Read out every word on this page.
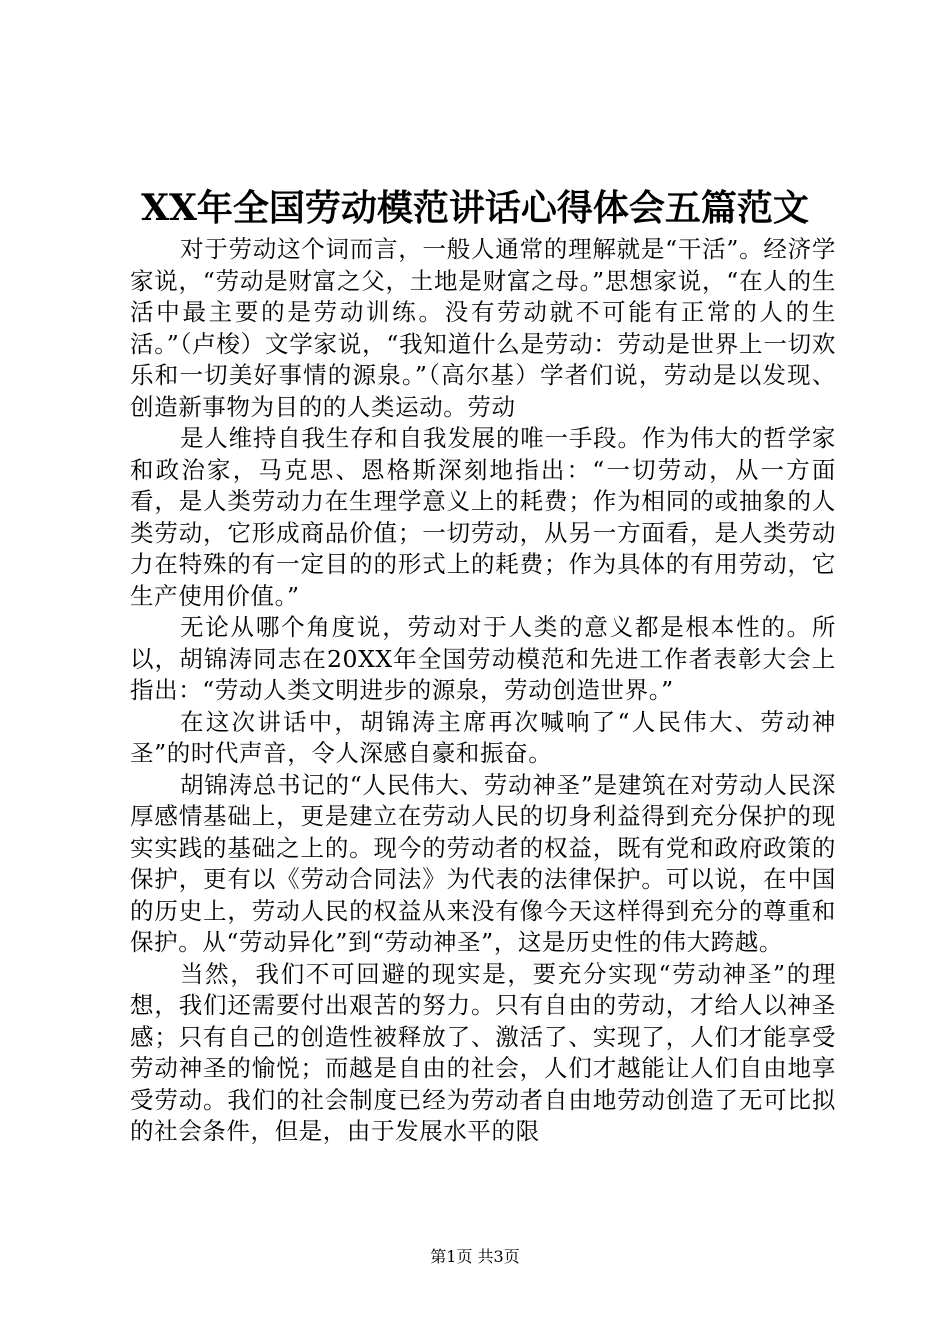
XX年全国劳动模范讲话心得体会五篇范文

对于劳动这个词而言，一般人通常的理解就是“干活”。经济学家说，“劳动是财富之父，土地是财富之母。”思想家说，“在人的生活中最主要的是劳动训练。没有劳动就不可能有正常的人的生活。”（卢梭）文学家说，“我知道什么是劳动：劳动是世界上一切欢乐和一切美好事情的源泉。”（高尔基）学者们说，劳动是以发现、创造新事物为目的的人类运动。劳动

是人维持自我生存和自我发展的唯一手段。作为伟大的哲学家和政治家，马克思、恩格斯深刻地指出：“一切劳动，从一方面看，是人类劳动力在生理学意义上的耗费；作为相同的或抽象的人类劳动，它形成商品价值；一切劳动，从另一方面看，是人类劳动力在特殊的有一定目的的形式上的耗费；作为具体的有用劳动，它生产使用价值。”

无论从哪个角度说，劳动对于人类的意义都是根本性的。所以，胡锦涛同志在20XX年全国劳动模范和先进工作者表彰大会上指出：“劳动人类文明进步的源泉，劳动创造世界。”

在这次讲话中，胡锦涛主席再次喊响了“人民伟大、劳动神圣”的时代声音，令人深感自豪和振奋。

胡锦涛总书记的“人民伟大、劳动神圣”是建筑在对劳动人民深厚感情基础上，更是建立在劳动人民的切身利益得到充分保护的现实实践的基础之上的。现今的劳动者的权益，既有党和政府政策的保护，更有以《劳动合同法》为代表的法律保护。可以说，在中国的历史上，劳动人民的权益从来没有像今天这样得到充分的尊重和保护。从“劳动异化”到“劳动神圣”，这是历史性的伟大跨越。

当然，我们不可回避的现实是，要充分实现“劳动神圣”的理想，我们还需要付出艰苦的努力。只有自由的劳动，才给人以神圣感；只有自己的创造性被释放了、激活了、实现了，人们才能享受劳动神圣的愉悦；而越是自由的社会，人们才越能让人们自由地享受劳动。我们的社会制度已经为劳动者自由地劳动创造了无可比拟的社会条件，但是，由于发展水平的限

第1页 共3页
